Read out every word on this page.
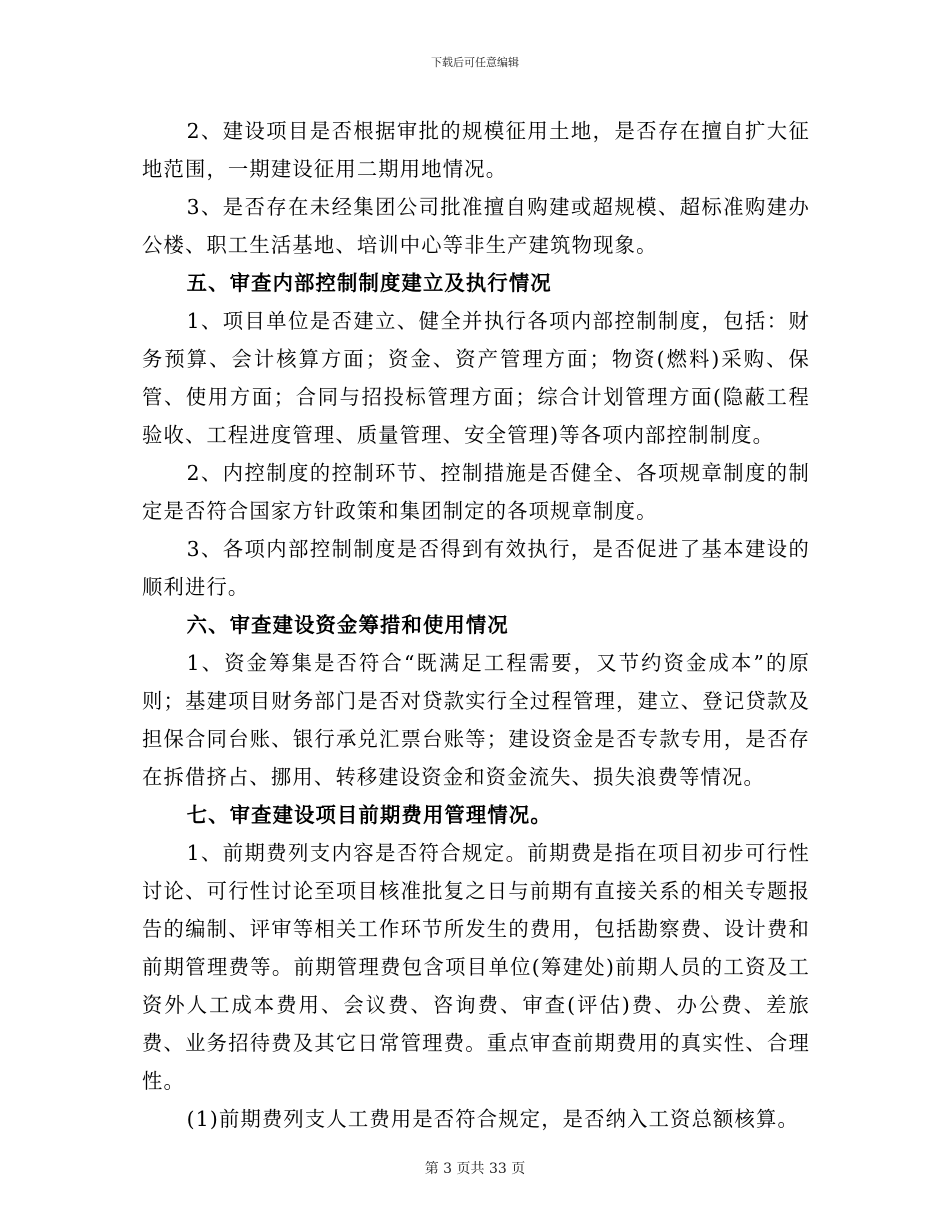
下载后可任意编辑

2、建设项目是否根据审批的规模征用土地，是否存在擅自扩大征地范围，一期建设征用二期用地情况。

3、是否存在未经集团公司批准擅自购建或超规模、超标准购建办公楼、职工生活基地、培训中心等非生产建筑物现象。

五、审查内部控制制度建立及执行情况

1、项目单位是否建立、健全并执行各项内部控制制度，包括：财务预算、会计核算方面；资金、资产管理方面；物资(燃料)采购、保管、使用方面；合同与招投标管理方面；综合计划管理方面(隐蔽工程验收、工程进度管理、质量管理、安全管理)等各项内部控制制度。

2、内控制度的控制环节、控制措施是否健全、各项规章制度的制定是否符合国家方针政策和集团制定的各项规章制度。

3、各项内部控制制度是否得到有效执行，是否促进了基本建设的顺利进行。

六、审查建设资金筹措和使用情况

1、资金筹集是否符合“既满足工程需要，又节约资金成本”的原则；基建项目财务部门是否对贷款实行全过程管理，建立、登记贷款及担保合同台账、银行承兑汇票台账等；建设资金是否专款专用，是否存在拆借挤占、挪用、转移建设资金和资金流失、损失浪费等情况。

七、审查建设项目前期费用管理情况。

1、前期费列支内容是否符合规定。前期费是指在项目初步可行性讨论、可行性讨论至项目核准批复之日与前期有直接关系的相关专题报告的编制、评审等相关工作环节所发生的费用，包括勘察费、设计费和前期管理费等。前期管理费包含项目单位(筹建处)前期人员的工资及工资外人工成本费用、会议费、咨询费、审查(评估)费、办公费、差旅费、业务招待费及其它日常管理费。重点审查前期费用的真实性、合理性。

(1)前期费列支人工费用是否符合规定，是否纳入工资总额核算。

第 3 页共 33 页
